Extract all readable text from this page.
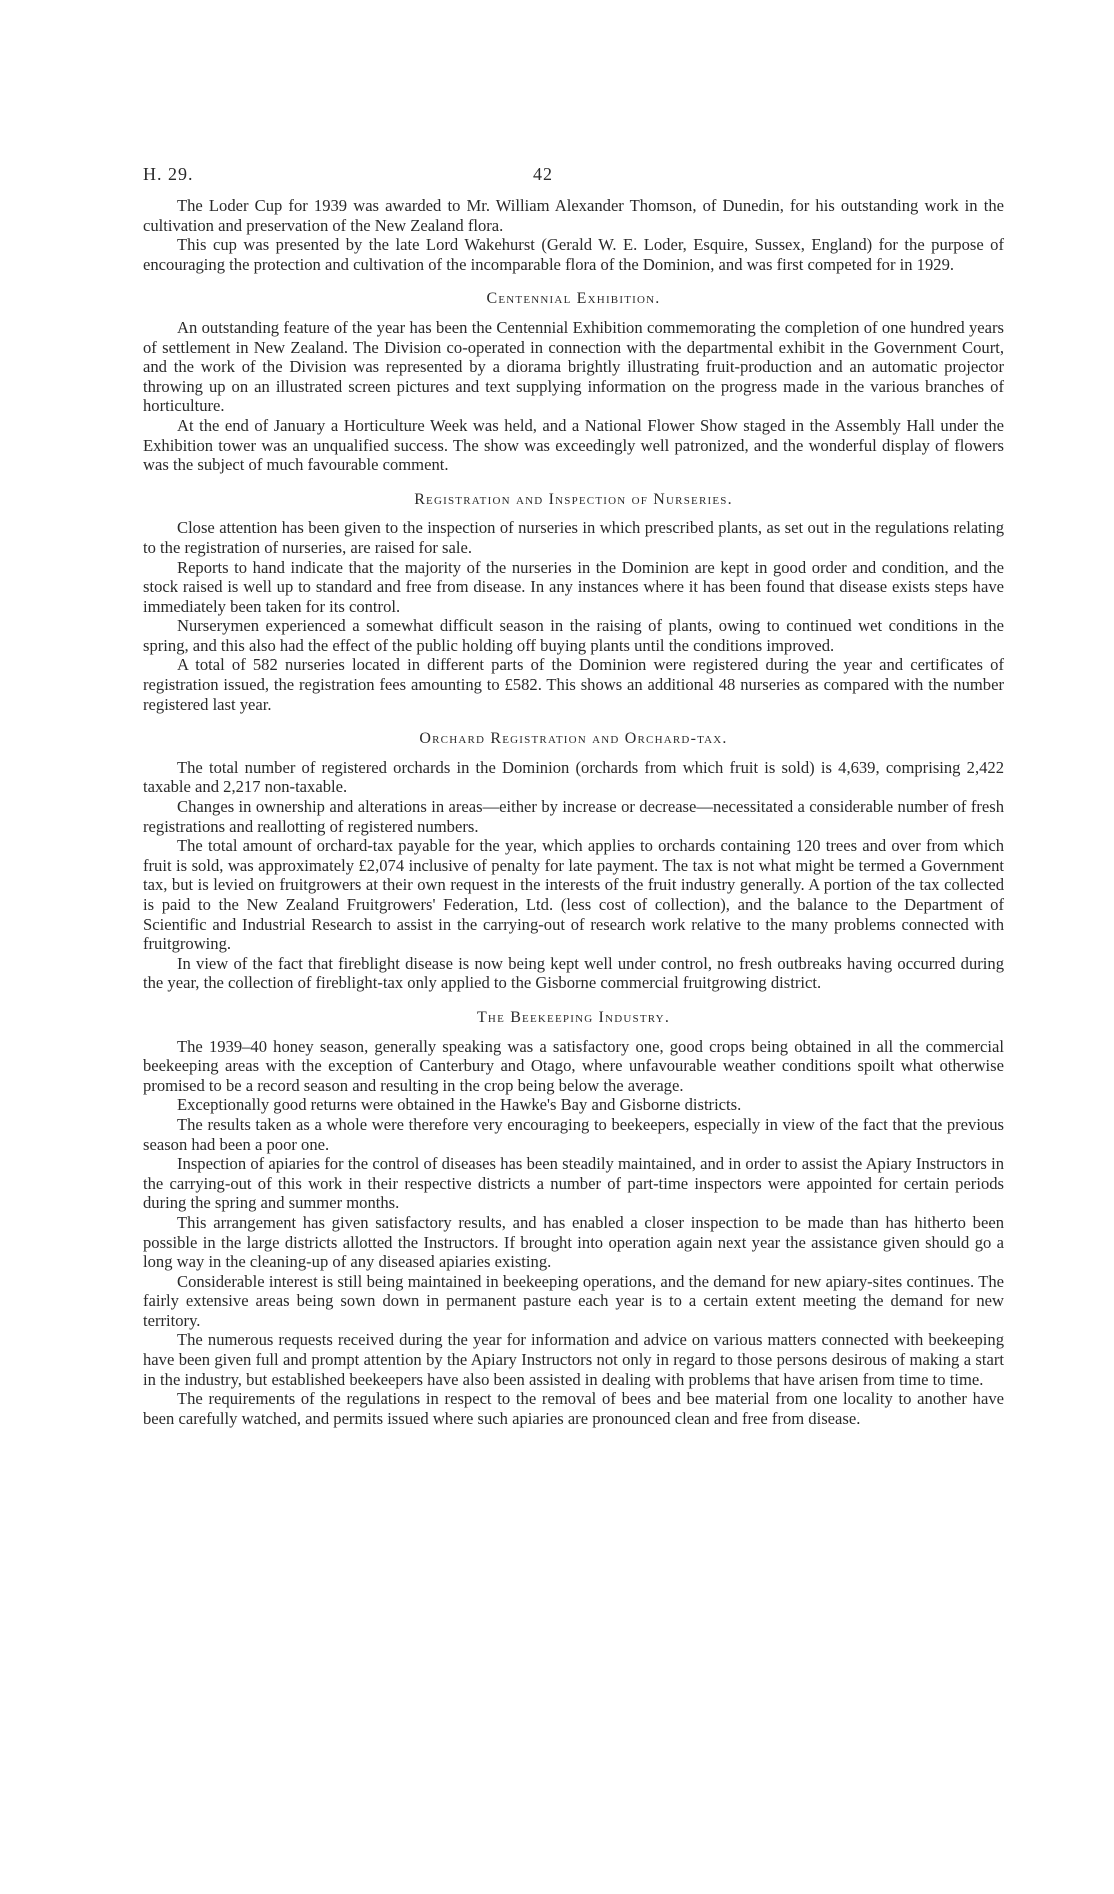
H. 29.	42

The Loder Cup for 1939 was awarded to Mr. William Alexander Thomson, of Dunedin, for his outstanding work in the cultivation and preservation of the New Zealand flora.

This cup was presented by the late Lord Wakehurst (Gerald W. E. Loder, Esquire, Sussex, England) for the purpose of encouraging the protection and cultivation of the incomparable flora of the Dominion, and was first competed for in 1929.

Centennial Exhibition.

An outstanding feature of the year has been the Centennial Exhibition commemorating the completion of one hundred years of settlement in New Zealand. The Division co-operated in connection with the departmental exhibit in the Government Court, and the work of the Division was represented by a diorama brightly illustrating fruit-production and an automatic projector throwing up on an illustrated screen pictures and text supplying information on the progress made in the various branches of horticulture.

At the end of January a Horticulture Week was held, and a National Flower Show staged in the Assembly Hall under the Exhibition tower was an unqualified success. The show was exceedingly well patronized, and the wonderful display of flowers was the subject of much favourable comment.

Registration and Inspection of Nurseries.

Close attention has been given to the inspection of nurseries in which prescribed plants, as set out in the regulations relating to the registration of nurseries, are raised for sale.

Reports to hand indicate that the majority of the nurseries in the Dominion are kept in good order and condition, and the stock raised is well up to standard and free from disease. In any instances where it has been found that disease exists steps have immediately been taken for its control.

Nurserymen experienced a somewhat difficult season in the raising of plants, owing to continued wet conditions in the spring, and this also had the effect of the public holding off buying plants until the conditions improved.

A total of 582 nurseries located in different parts of the Dominion were registered during the year and certificates of registration issued, the registration fees amounting to £582. This shows an additional 48 nurseries as compared with the number registered last year.

Orchard Registration and Orchard-tax.

The total number of registered orchards in the Dominion (orchards from which fruit is sold) is 4,639, comprising 2,422 taxable and 2,217 non-taxable.

Changes in ownership and alterations in areas—either by increase or decrease—necessitated a considerable number of fresh registrations and reallotting of registered numbers.

The total amount of orchard-tax payable for the year, which applies to orchards containing 120 trees and over from which fruit is sold, was approximately £2,074 inclusive of penalty for late payment. The tax is not what might be termed a Government tax, but is levied on fruitgrowers at their own request in the interests of the fruit industry generally. A portion of the tax collected is paid to the New Zealand Fruitgrowers' Federation, Ltd. (less cost of collection), and the balance to the Department of Scientific and Industrial Research to assist in the carrying-out of research work relative to the many problems connected with fruitgrowing.

In view of the fact that fireblight disease is now being kept well under control, no fresh outbreaks having occurred during the year, the collection of fireblight-tax only applied to the Gisborne commercial fruitgrowing district.

The Beekeeping Industry.

The 1939–40 honey season, generally speaking was a satisfactory one, good crops being obtained in all the commercial beekeeping areas with the exception of Canterbury and Otago, where unfavourable weather conditions spoilt what otherwise promised to be a record season and resulting in the crop being below the average.

Exceptionally good returns were obtained in the Hawke's Bay and Gisborne districts.

The results taken as a whole were therefore very encouraging to beekeepers, especially in view of the fact that the previous season had been a poor one.

Inspection of apiaries for the control of diseases has been steadily maintained, and in order to assist the Apiary Instructors in the carrying-out of this work in their respective districts a number of part-time inspectors were appointed for certain periods during the spring and summer months.

This arrangement has given satisfactory results, and has enabled a closer inspection to be made than has hitherto been possible in the large districts allotted the Instructors. If brought into operation again next year the assistance given should go a long way in the cleaning-up of any diseased apiaries existing.

Considerable interest is still being maintained in beekeeping operations, and the demand for new apiary-sites continues. The fairly extensive areas being sown down in permanent pasture each year is to a certain extent meeting the demand for new territory.

The numerous requests received during the year for information and advice on various matters connected with beekeeping have been given full and prompt attention by the Apiary Instructors not only in regard to those persons desirous of making a start in the industry, but established beekeepers have also been assisted in dealing with problems that have arisen from time to time.

The requirements of the regulations in respect to the removal of bees and bee material from one locality to another have been carefully watched, and permits issued where such apiaries are pronounced clean and free from disease.
